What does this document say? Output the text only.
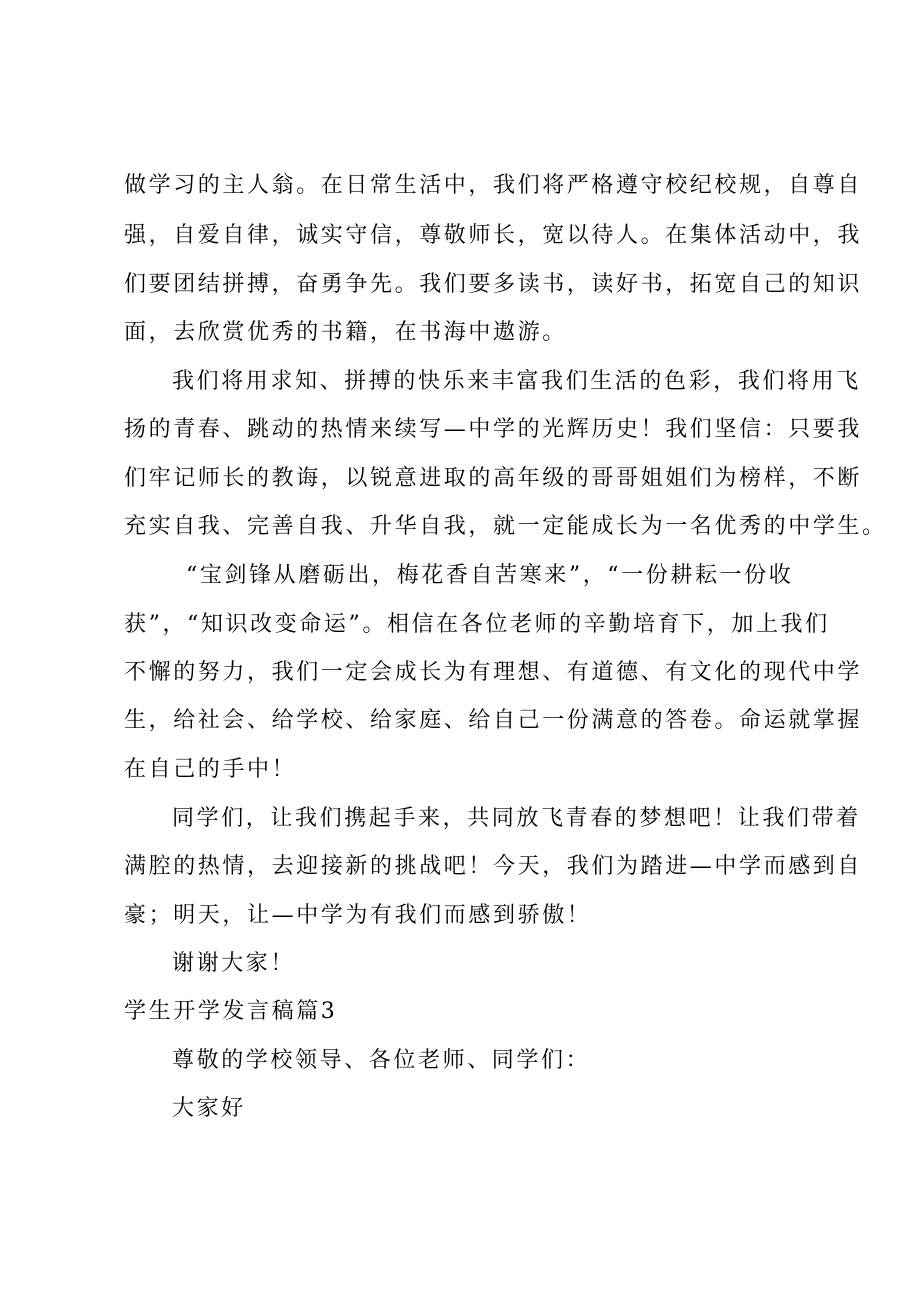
做学习的主人翁。在日常生活中，我们将严格遵守校纪校规，自尊自
强，自爱自律，诚实守信，尊敬师长，宽以待人。在集体活动中，我
们要团结拼搏，奋勇争先。我们要多读书，读好书，拓宽自己的知识
面，去欣赏优秀的书籍，在书海中遨游。
我们将用求知、拼搏的快乐来丰富我们生活的色彩，我们将用飞
扬的青春、跳动的热情来续写—中学的光辉历史！我们坚信：只要我
们牢记师长的教诲，以锐意进取的高年级的哥哥姐姐们为榜样，不断
充实自我、完善自我、升华自我，就一定能成长为一名优秀的中学生。
“宝剑锋从磨砺出，梅花香自苦寒来”，“一份耕耘一份收
获”，“知识改变命运”。相信在各位老师的辛勤培育下，加上我们
不懈的努力，我们一定会成长为有理想、有道德、有文化的现代中学
生，给社会、给学校、给家庭、给自己一份满意的答卷。命运就掌握
在自己的手中！
同学们，让我们携起手来，共同放飞青春的梦想吧！让我们带着
满腔的热情，去迎接新的挑战吧！今天，我们为踏进—中学而感到自
豪；明天，让—中学为有我们而感到骄傲！
谢谢大家！
学生开学发言稿篇3
尊敬的学校领导、各位老师、同学们：
大家好
